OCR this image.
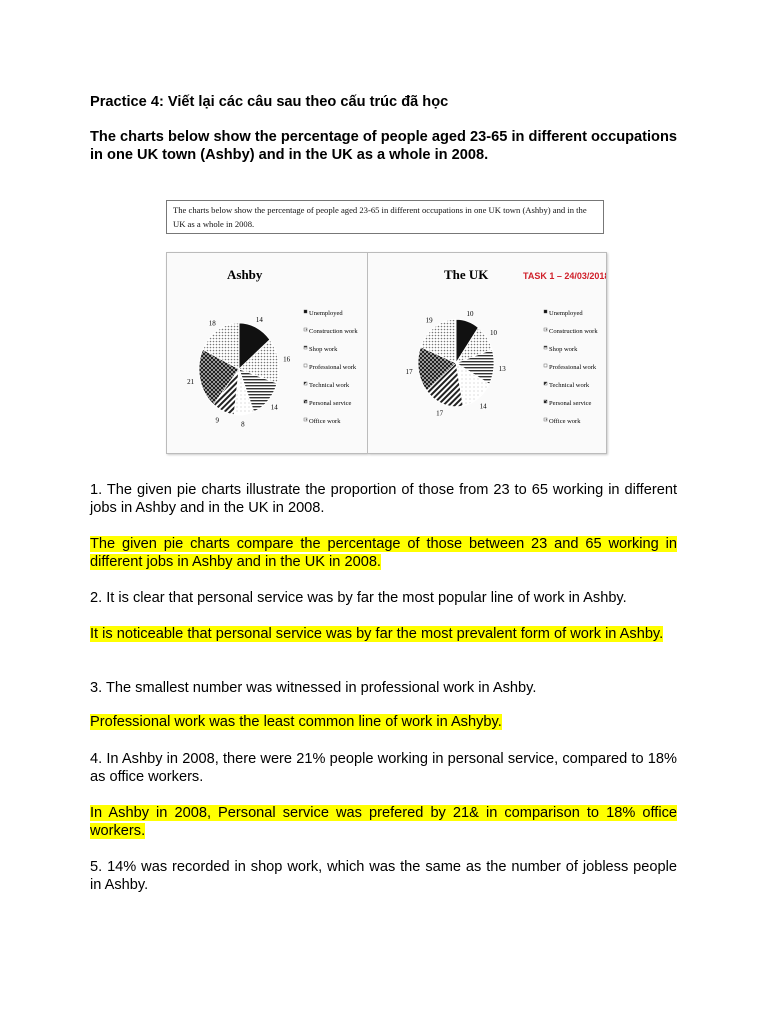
Practice 4: Viết lại các câu sau theo cấu trúc đã học
The charts below show the percentage of people aged 23-65 in different occupations in one UK town (Ashby) and in the UK as a whole in 2008.

1. The given pie charts illustrate the proportion of those from 23 to 65 working in different jobs in Ashby and in the UK in 2008.

The given pie charts compare the percentage of those between 23 and 65 working in different jobs in Ashby and in the UK in 2008.

2. It is clear that personal service was by far the most popular line of work in Ashby.

It is noticeable that personal service was by far the most prevalent form of work in Ashby.

3. The smallest number was witnessed in professional work in Ashby.

Professional work was the least common line of work in Ashyby.

4. In Ashby in 2008, there were 21% people working in personal service, compared to 18% as office workers.

In Ashby in 2008, Personal service was prefered by 21& in comparison to 18% office workers.

5. 14% was recorded in shop work, which was the same as the number of jobless people in Ashby.

The charts below show the percentage of people aged 23-65 in different occupations in one UK town (Ashby) and in the UK as a whole in 2008.
Ashby
14
16
14
8
9
21
18
Unemployed
Construction work
Shop work
Professional work
Technical work
Personal service
Office work
The UK	TASK 1 – 24/03/2018
10
10
13
14
17
17
19
Unemployed
Construction work
Shop work
Professional work
Technical work
Personal service
Office work
